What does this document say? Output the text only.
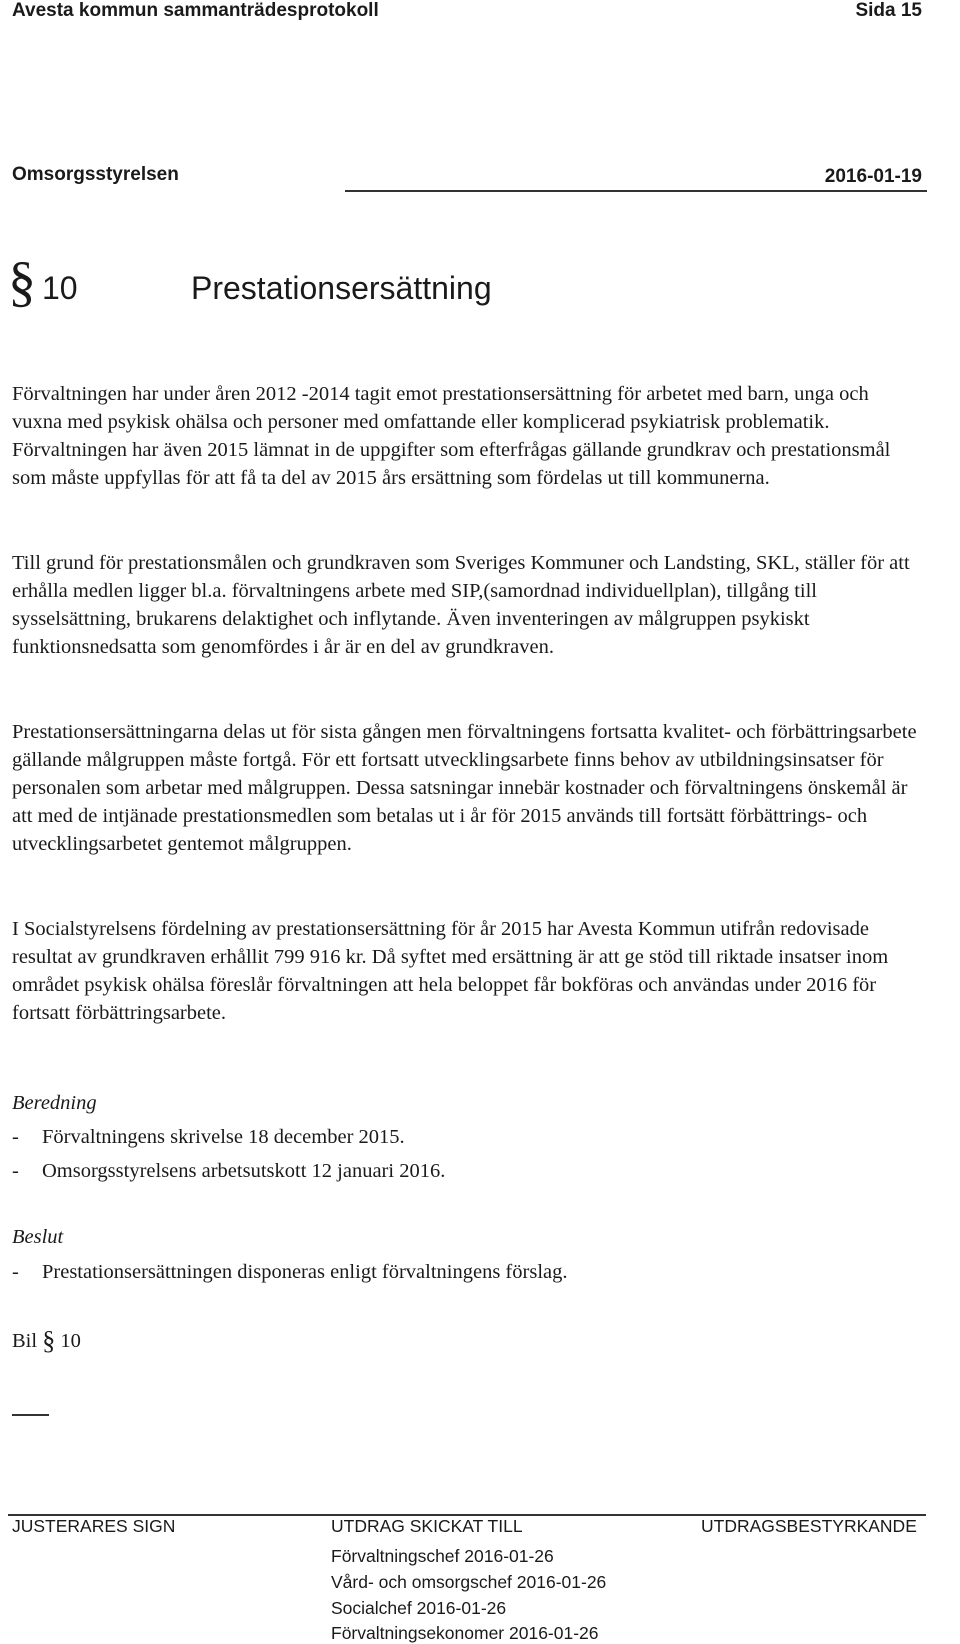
Avesta kommun sammanträdesprotokoll	Sida 15
Omsorgsstyrelsen	2016-01-19
§ 10	Prestationsersättning

Förvaltningen har under åren 2012 -2014 tagit emot prestationsersättning för arbetet med barn, unga och vuxna med psykisk ohälsa och personer med omfattande eller komplicerad psykiatrisk problematik. Förvaltningen har även 2015 lämnat in de uppgifter som efterfrågas gällande grundkrav och prestationsmål som måste uppfyllas för att få ta del av 2015 års ersättning som fördelas ut till kommunerna.

Till grund för prestationsmålen och grundkraven som Sveriges Kommuner och Landsting, SKL, ställer för att erhålla medlen ligger bl.a. förvaltningens arbete med SIP,(samordnad individuellplan), tillgång till sysselsättning, brukarens delaktighet och inflytande. Även inventeringen av målgruppen psykiskt funktionsnedsatta som genomfördes i år är en del av grundkraven.

Prestationsersättningarna delas ut för sista gången men förvaltningens fortsatta kvalitet- och förbättringsarbete gällande målgruppen måste fortgå. För ett fortsatt utvecklingsarbete finns behov av utbildningsinsatser för personalen som arbetar med målgruppen. Dessa satsningar innebär kostnader och förvaltningens önskemål är att med de intjänade prestationsmedlen som betalas ut i år för 2015 används till fortsätt förbättrings- och utvecklingsarbetet gentemot målgruppen.

I Socialstyrelsens fördelning av prestationsersättning för år 2015 har Avesta Kommun utifrån redovisade resultat av grundkraven erhållit 799 916 kr. Då syftet med ersättning är att ge stöd till riktade insatser inom området psykisk ohälsa föreslår förvaltningen att hela beloppet får bokföras och användas under 2016 för fortsatt förbättringsarbete.

Beredning
- Förvaltningens skrivelse 18 december 2015.
- Omsorgsstyrelsens arbetsutskott 12 januari 2016.
Beslut
- Prestationsersättningen disponeras enligt förvaltningens förslag.
Bil § 10
JUSTERARES SIGN	UTDRAG SKICKAT TILL	UTDRAGSBESTYRKANDE
Förvaltningschef 2016-01-26
Vård- och omsorgschef 2016-01-26
Socialchef 2016-01-26
Förvaltningsekonomer 2016-01-26
